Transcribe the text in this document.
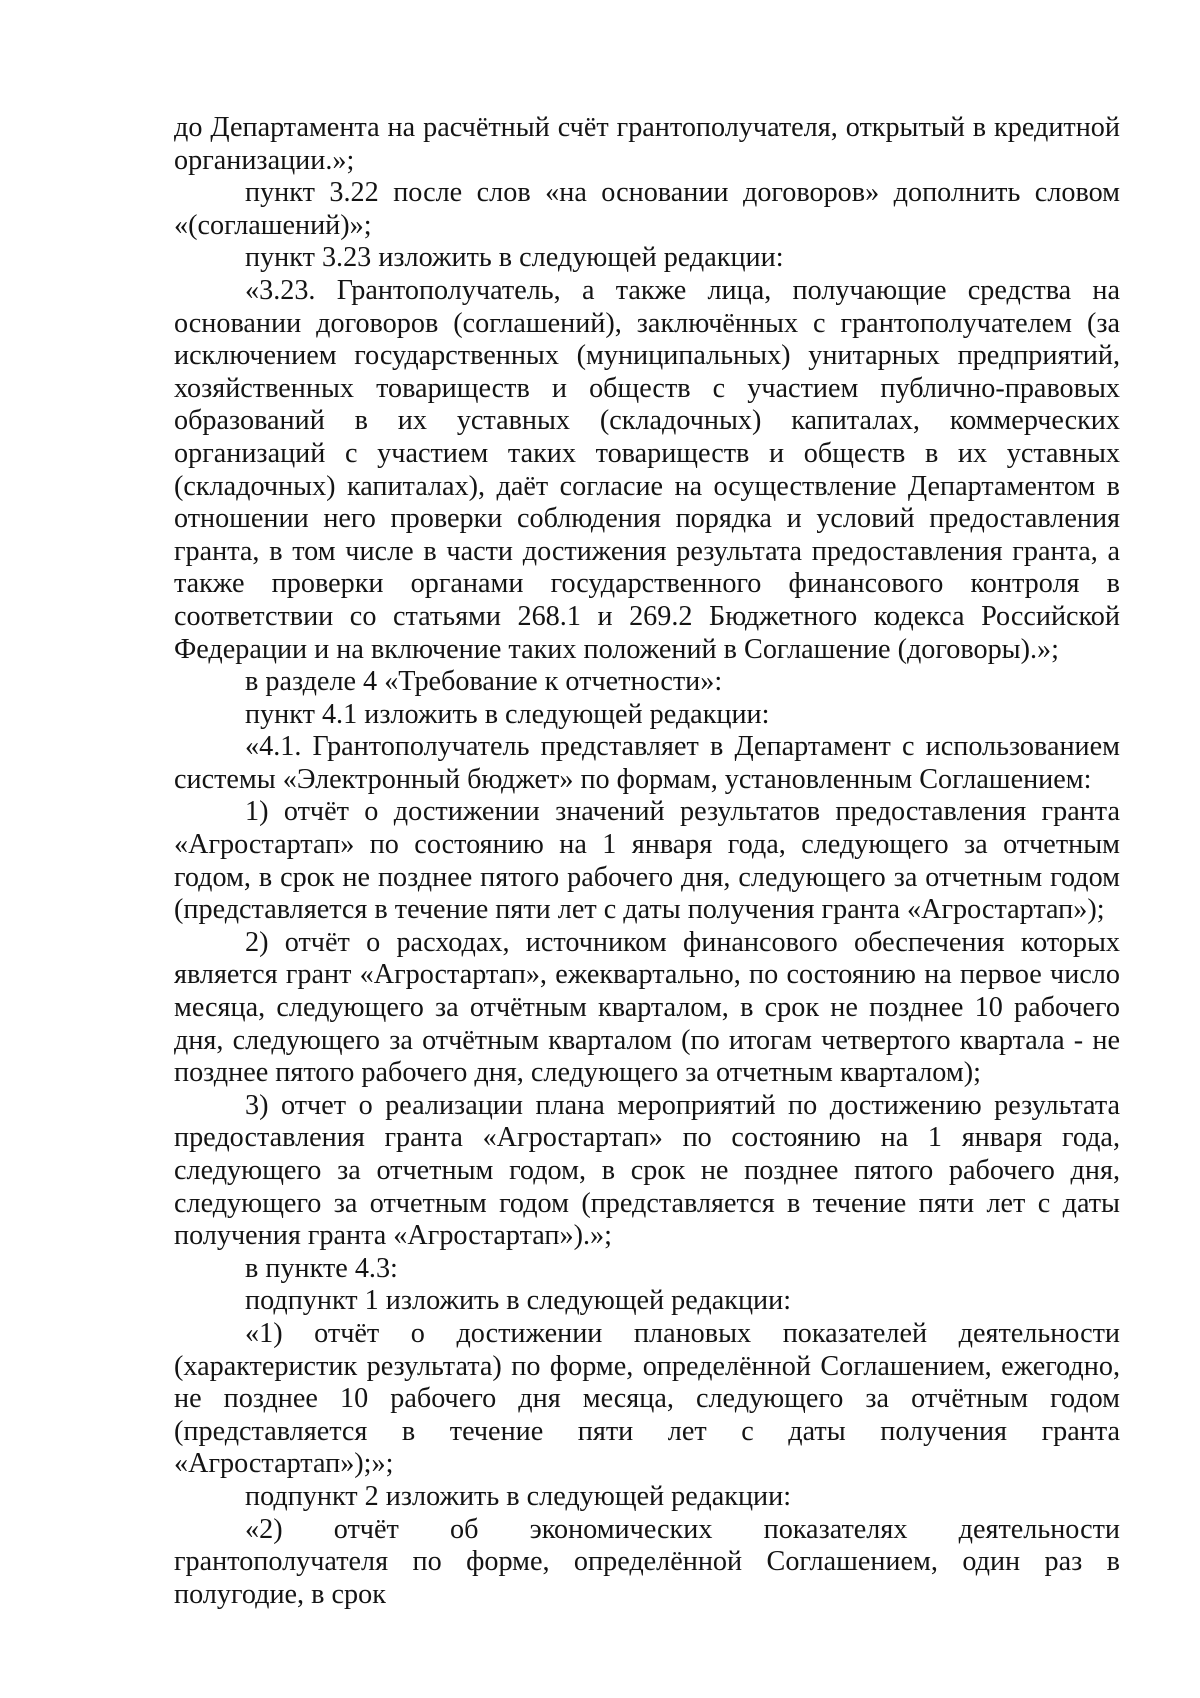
до Департамента на расчётный счёт грантополучателя, открытый в кредитной организации.»;

пункт 3.22 после слов «на основании договоров» дополнить словом «(соглашений)»;

пункт 3.23 изложить в следующей редакции:

«3.23. Грантополучатель, а также лица, получающие средства на основании договоров (соглашений), заключённых с грантополучателем (за исключением государственных (муниципальных) унитарных предприятий, хозяйственных товариществ и обществ с участием публично-правовых образований в их уставных (складочных) капиталах, коммерческих организаций с участием таких товариществ и обществ в их уставных (складочных) капиталах), даёт согласие на осуществление Департаментом в отношении него проверки соблюдения порядка и условий предоставления гранта, в том числе в части достижения результата предоставления гранта, а также проверки органами государственного финансового контроля в соответствии со статьями 268.1 и 269.2 Бюджетного кодекса Российской Федерации и на включение таких положений в Соглашение (договоры).»;

в разделе 4 «Требование к отчетности»:

пункт 4.1 изложить в следующей редакции:

«4.1. Грантополучатель представляет в Департамент с использованием системы «Электронный бюджет» по формам, установленным Соглашением:

1) отчёт о достижении значений результатов предоставления гранта «Агростартап» по состоянию на 1 января года, следующего за отчетным годом, в срок не позднее пятого рабочего дня, следующего за отчетным годом (представляется в течение пяти лет с даты получения гранта «Агростартап»);

2) отчёт о расходах, источником финансового обеспечения которых является грант «Агростартап», ежеквартально, по состоянию на первое число месяца, следующего за отчётным кварталом, в срок не позднее 10 рабочего дня, следующего за отчётным кварталом (по итогам четвертого квартала - не позднее пятого рабочего дня, следующего за отчетным кварталом);

3) отчет о реализации плана мероприятий по достижению результата предоставления гранта «Агростартап» по состоянию на 1 января года, следующего за отчетным годом, в срок не позднее пятого рабочего дня, следующего за отчетным годом (представляется в течение пяти лет с даты получения гранта «Агростартап»).»;

в пункте 4.3:

подпункт 1 изложить в следующей редакции:

«1) отчёт о достижении плановых показателей деятельности (характеристик результата) по форме, определённой Соглашением, ежегодно, не позднее 10 рабочего дня месяца, следующего за отчётным годом (представляется в течение пяти лет с даты получения гранта «Агростартап»);»;

подпункт 2 изложить в следующей редакции:

«2) отчёт об экономических показателях деятельности грантополучателя по форме, определённой Соглашением, один раз в полугодие, в срок
